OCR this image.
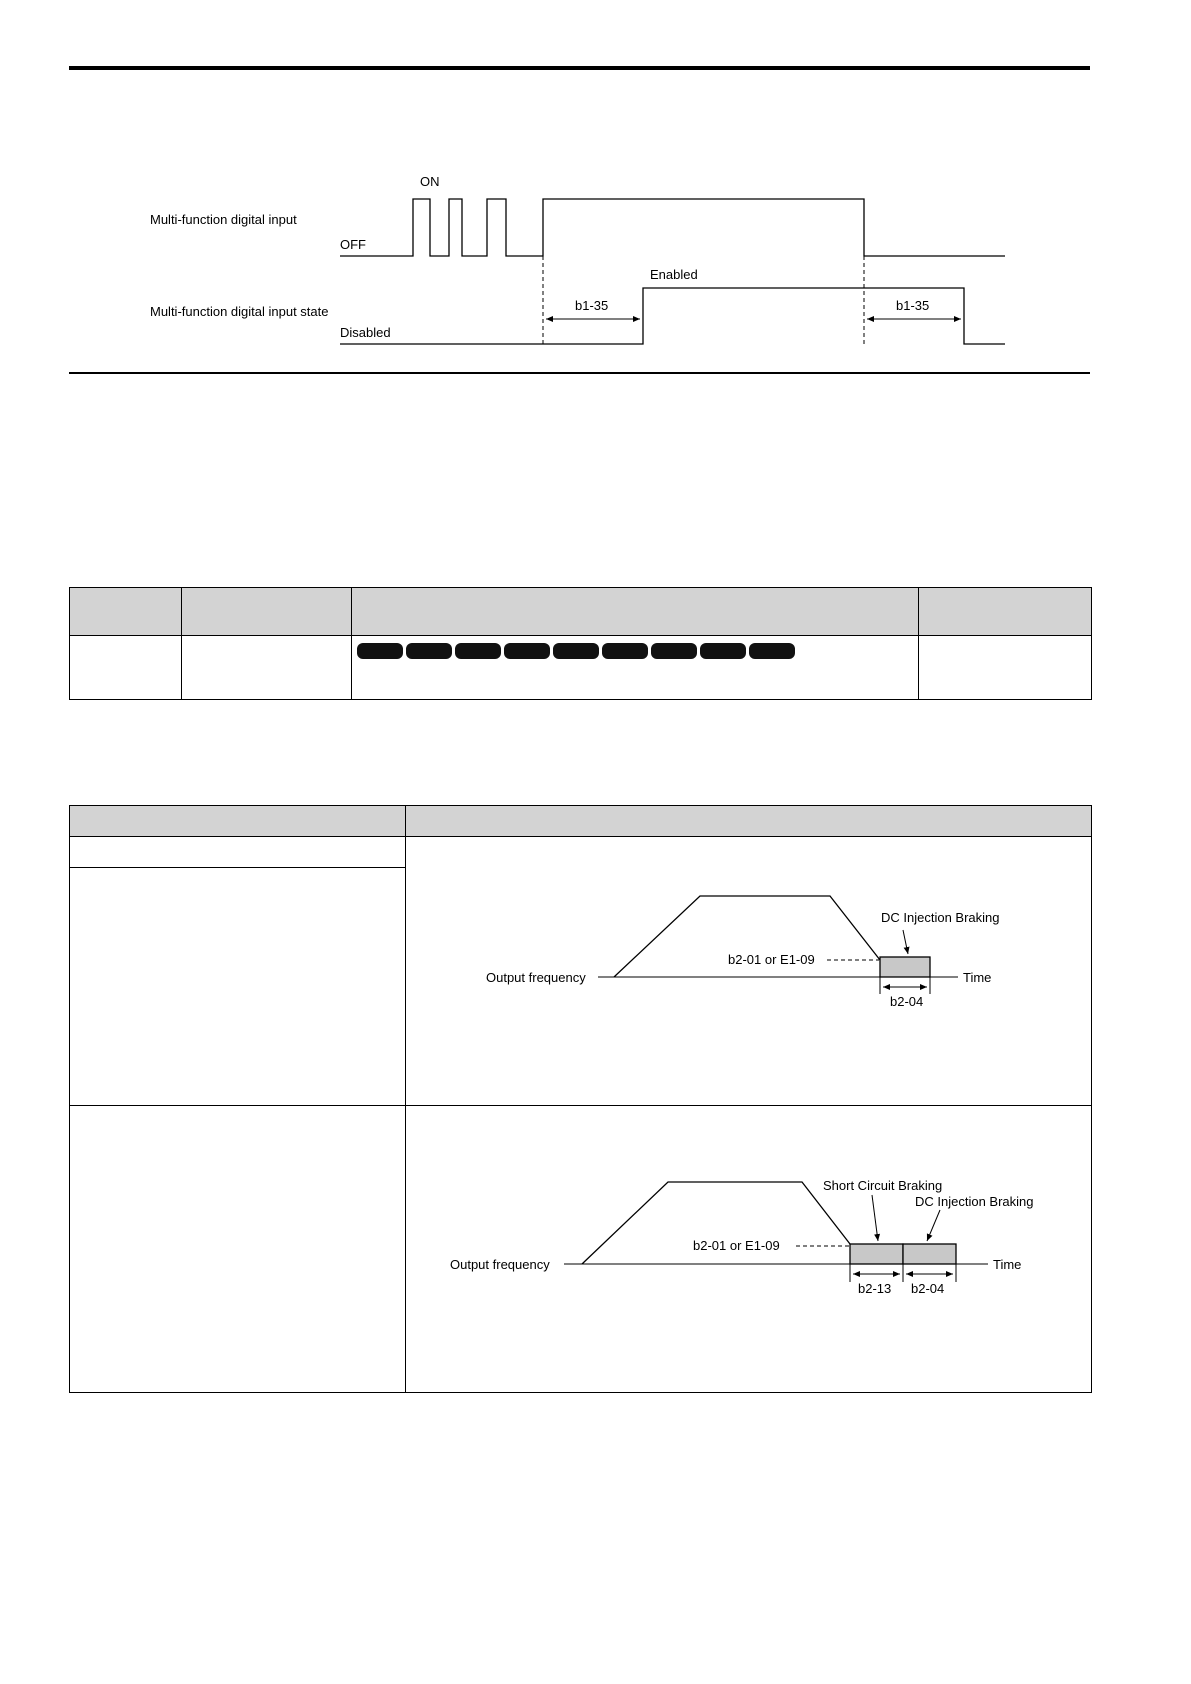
ON
Multi-function digital input
OFF
Multi-function digital input state
Disabled
Enabled
b1-35	b1-35

DC Injection Braking
b2-01 or E1-09
Output frequency	Time
b2-04
Short Circuit Braking
DC Injection Braking
b2-01 or E1-09
Output frequency	Time
b2-13 b2-04
